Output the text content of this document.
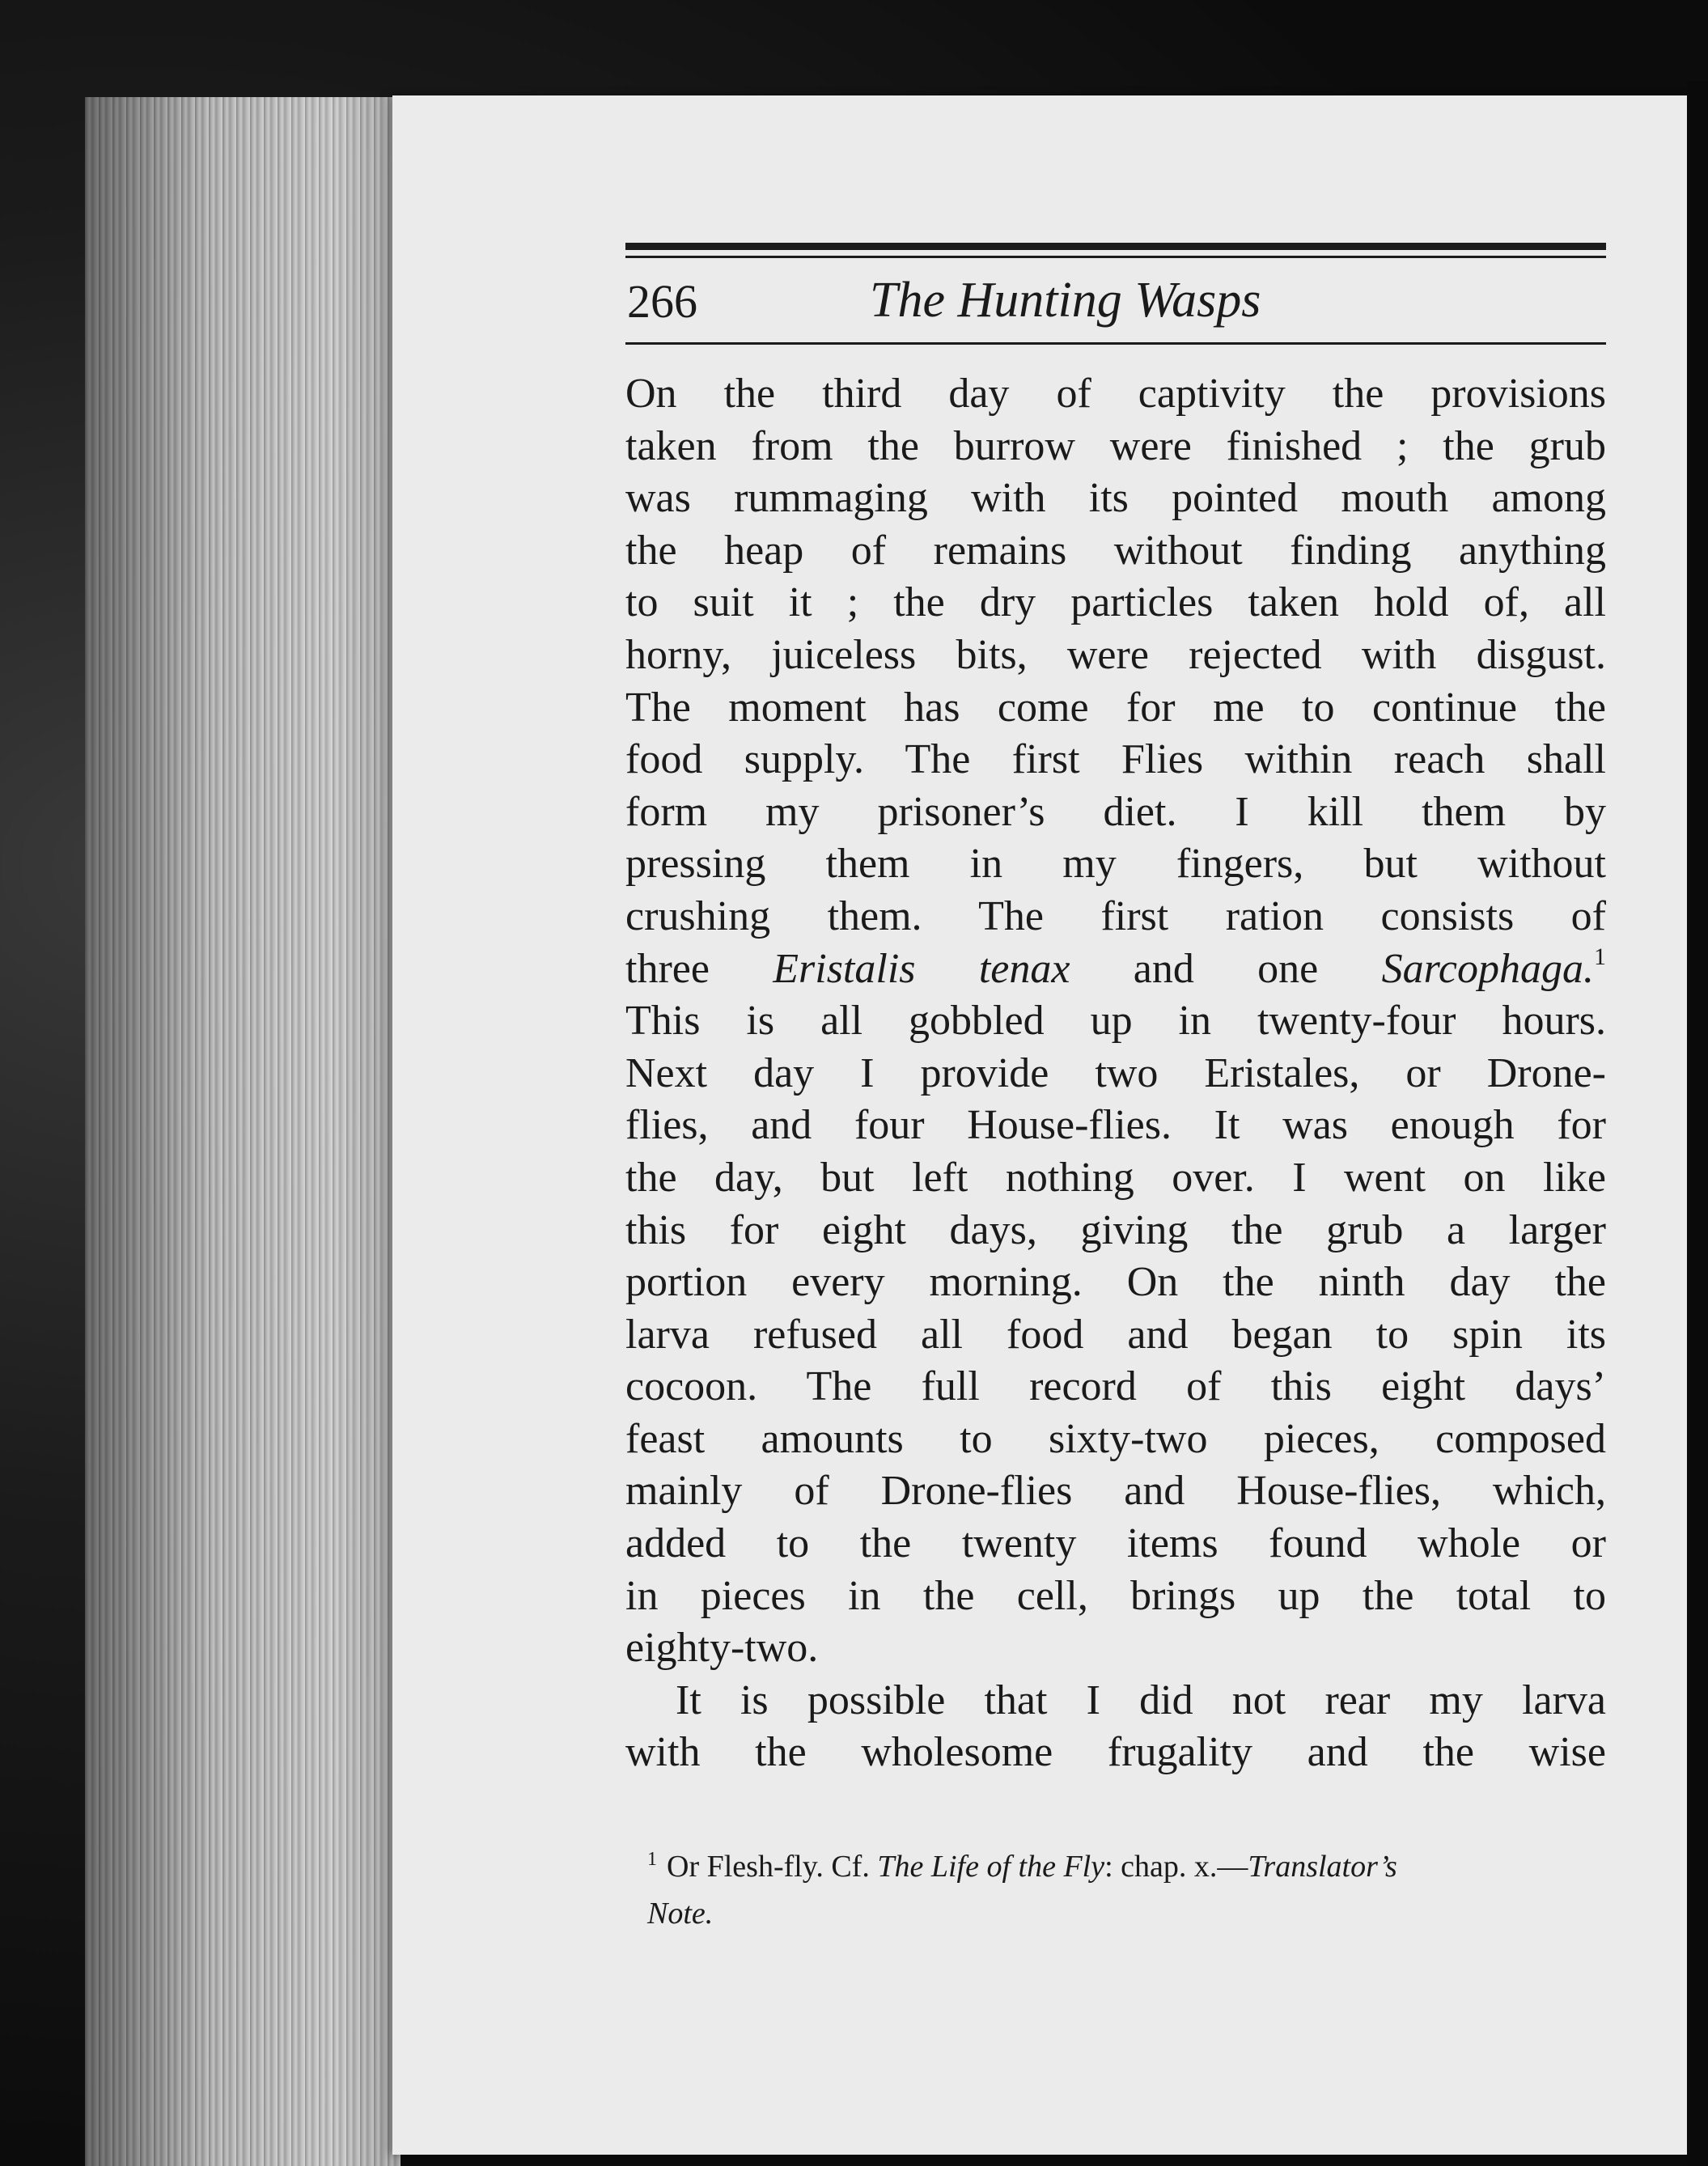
266	The Hunting Wasps
On the third day of captivity the provisions
taken from the burrow were finished ; the grub
was rummaging with its pointed mouth among
the heap of remains without finding anything
to suit it ; the dry particles taken hold of, all
horny, juiceless bits, were rejected with disgust.
The moment has come for me to continue the
food supply. The first Flies within reach shall
form my prisoner’s diet. I kill them by
pressing them in my fingers, but without
crushing them. The first ration consists of
three Eristalis tenax and one Sarcophaga.$^1$
This is all gobbled up in twenty-four hours.
Next day I provide two Eristales, or Drone-
flies, and four House-flies. It was enough for
the day, but left nothing over. I went on like
this for eight days, giving the grub a larger
portion every morning. On the ninth day the
larva refused all food and began to spin its
cocoon. The full record of this eight days’
feast amounts to sixty-two pieces, composed
mainly of Drone-flies and House-flies, which,
added to the twenty items found whole or
in pieces in the cell, brings up the total to
eighty-two.
It is possible that I did not rear my larva
with the wholesome frugality and the wise
$^1$ Or Flesh-fly. Cf. The Life of the Fly: chap. x.—Translator’s
Note.
